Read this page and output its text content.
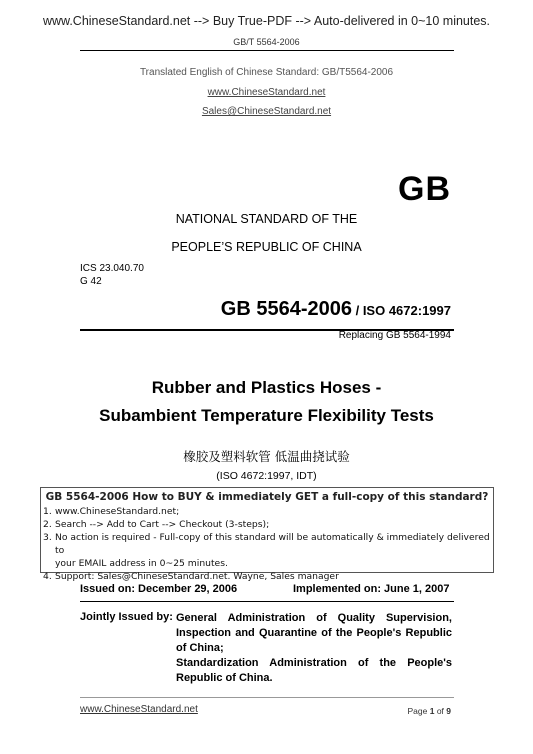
www.ChineseStandard.net --> Buy True-PDF --> Auto-delivered in 0~10 minutes.
GB/T 5564-2006
Translated English of Chinese Standard: GB/T5564-2006
www.ChineseStandard.net
Sales@ChineseStandard.net
GB
NATIONAL STANDARD OF THE
PEOPLE’S REPUBLIC OF CHINA
ICS 23.040.70
G 42
GB 5564-2006 / ISO 4672:1997
Replacing GB 5564-1994
Rubber and Plastics Hoses -
Subambient Temperature Flexibility Tests
橡胶及塑料软管 低温曲挠试验
(ISO 4672:1997, IDT)
GB 5564-2006 How to BUY & immediately GET a full-copy of this standard?
1. www.ChineseStandard.net;
2. Search --> Add to Cart --> Checkout (3-steps);
3. No action is required - Full-copy of this standard will be automatically & immediately delivered to
your EMAIL address in 0~25 minutes.
4. Support: Sales@ChineseStandard.net. Wayne, Sales manager
Issued on: December 29, 2006	Implemented on: June 1, 2007
Jointly Issued by: General Administration of Quality Supervision, Inspection and Quarantine of the People's Republic of China;
Standardization Administration of the People's Republic of China.
www.ChineseStandard.net	Page 1 of 9
